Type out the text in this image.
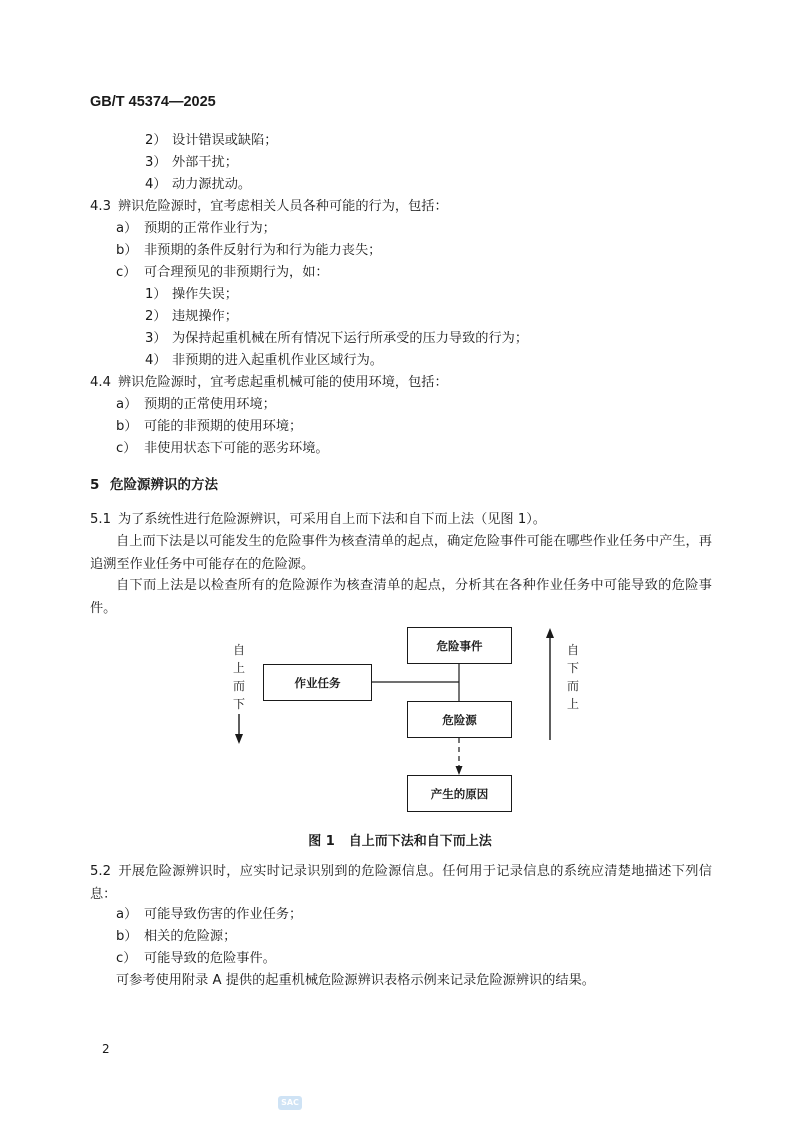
GB/T 45374—2025
2） 设计错误或缺陷；
3） 外部干扰；
4） 动力源扰动。
4.3 辨识危险源时，宜考虑相关人员各种可能的行为，包括：
a） 预期的正常作业行为；
b） 非预期的条件反射行为和行为能力丧失；
c） 可合理预见的非预期行为，如：
1） 操作失误；
2） 违规操作；
3） 为保持起重机械在所有情况下运行所承受的压力导致的行为；
4） 非预期的进入起重机作业区域行为。
4.4 辨识危险源时，宜考虑起重机械可能的使用环境，包括：
a） 预期的正常使用环境；
b） 可能的非预期的使用环境；
c） 非使用状态下可能的恶劣环境。
5 危险源辨识的方法
5.1 为了系统性进行危险源辨识，可采用自上而下法和自下而上法（见图 1）。
自上而下法是以可能发生的危险事件为核查清单的起点，确定危险事件可能在哪些作业任务中产生，再追溯至作业任务中可能存在的危险源。
自下而上法是以检查所有的危险源作为核查清单的起点，分析其在各种作业任务中可能导致的危险事件。
自上而下
自下而上
危险事件
作业任务
危险源
产生的原因
图 1 自上而下法和自下而上法
5.2 开展危险源辨识时，应实时记录识别到的危险源信息。任何用于记录信息的系统应清楚地描述下列信息：
a） 可能导致伤害的作业任务；
b） 相关的危险源；
c） 可能导致的危险事件。
可参考使用附录 A 提供的起重机械危险源辨识表格示例来记录危险源辨识的结果。
2
SAC
